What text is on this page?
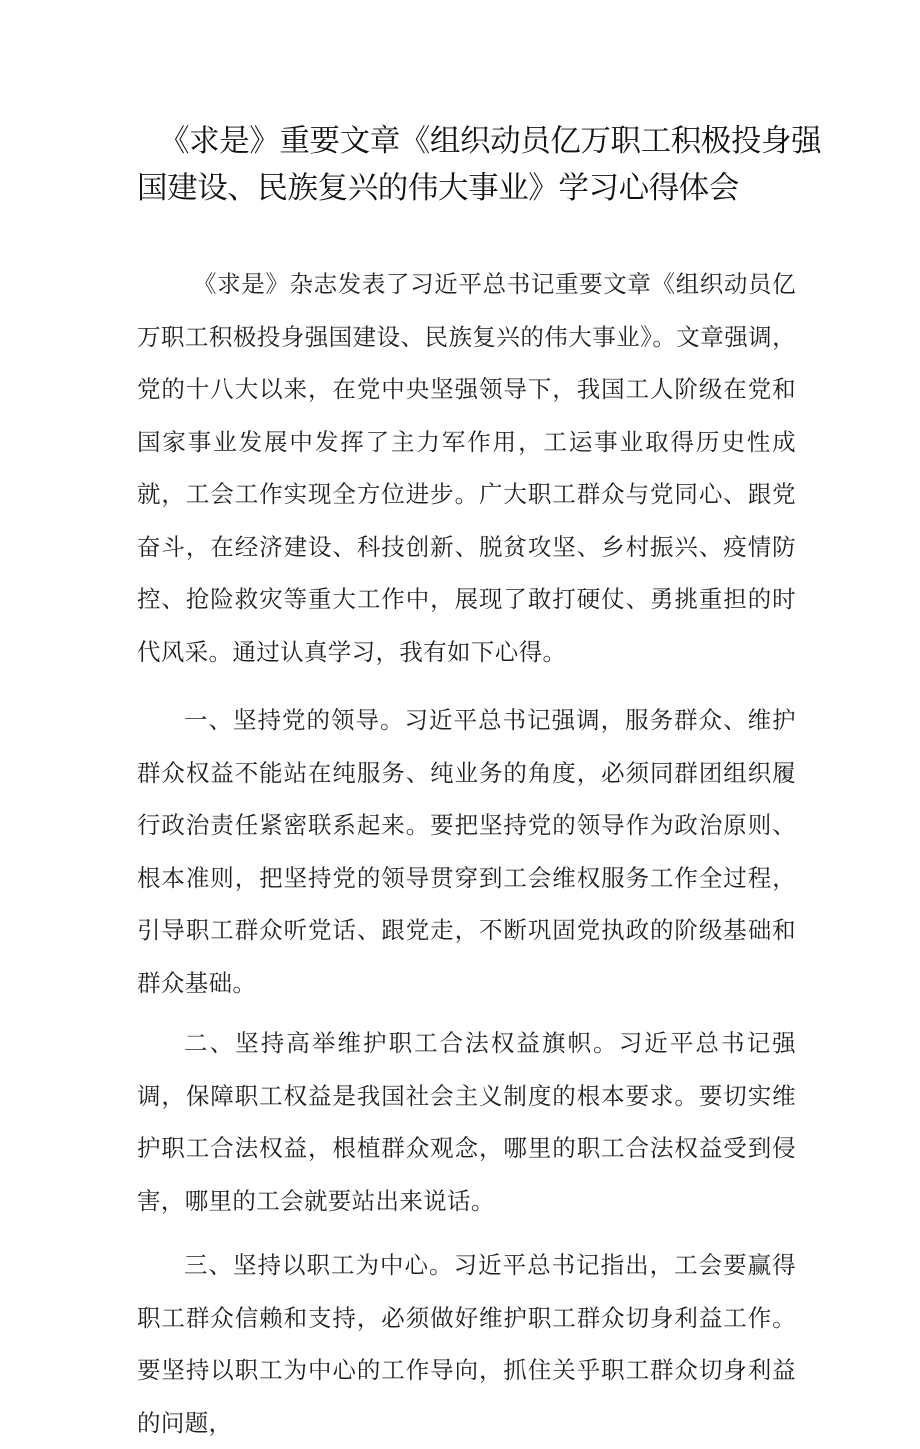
《求是》重要文章《组织动员亿万职工积极投身强
国建设、民族复兴的伟大事业》学习心得体会

《求是》杂志发表了习近平总书记重要文章《组织动员亿万职工积极投身强国建设、民族复兴的伟大事业》。文章强调，党的十八大以来，在党中央坚强领导下，我国工人阶级在党和国家事业发展中发挥了主力军作用，工运事业取得历史性成就，工会工作实现全方位进步。广大职工群众与党同心、跟党奋斗，在经济建设、科技创新、脱贫攻坚、乡村振兴、疫情防控、抢险救灾等重大工作中，展现了敢打硬仗、勇挑重担的时代风采。通过认真学习，我有如下心得。

一、坚持党的领导。习近平总书记强调，服务群众、维护群众权益不能站在纯服务、纯业务的角度，必须同群团组织履行政治责任紧密联系起来。要把坚持党的领导作为政治原则、根本准则，把坚持党的领导贯穿到工会维权服务工作全过程，引导职工群众听党话、跟党走，不断巩固党执政的阶级基础和群众基础。

二、坚持高举维护职工合法权益旗帜。习近平总书记强调，保障职工权益是我国社会主义制度的根本要求。要切实维护职工合法权益，根植群众观念，哪里的职工合法权益受到侵害，哪里的工会就要站出来说话。

三、坚持以职工为中心。习近平总书记指出，工会要赢得职工群众信赖和支持，必须做好维护职工群众切身利益工作。要坚持以职工为中心的工作导向，抓住关乎职工群众切身利益的问题，
